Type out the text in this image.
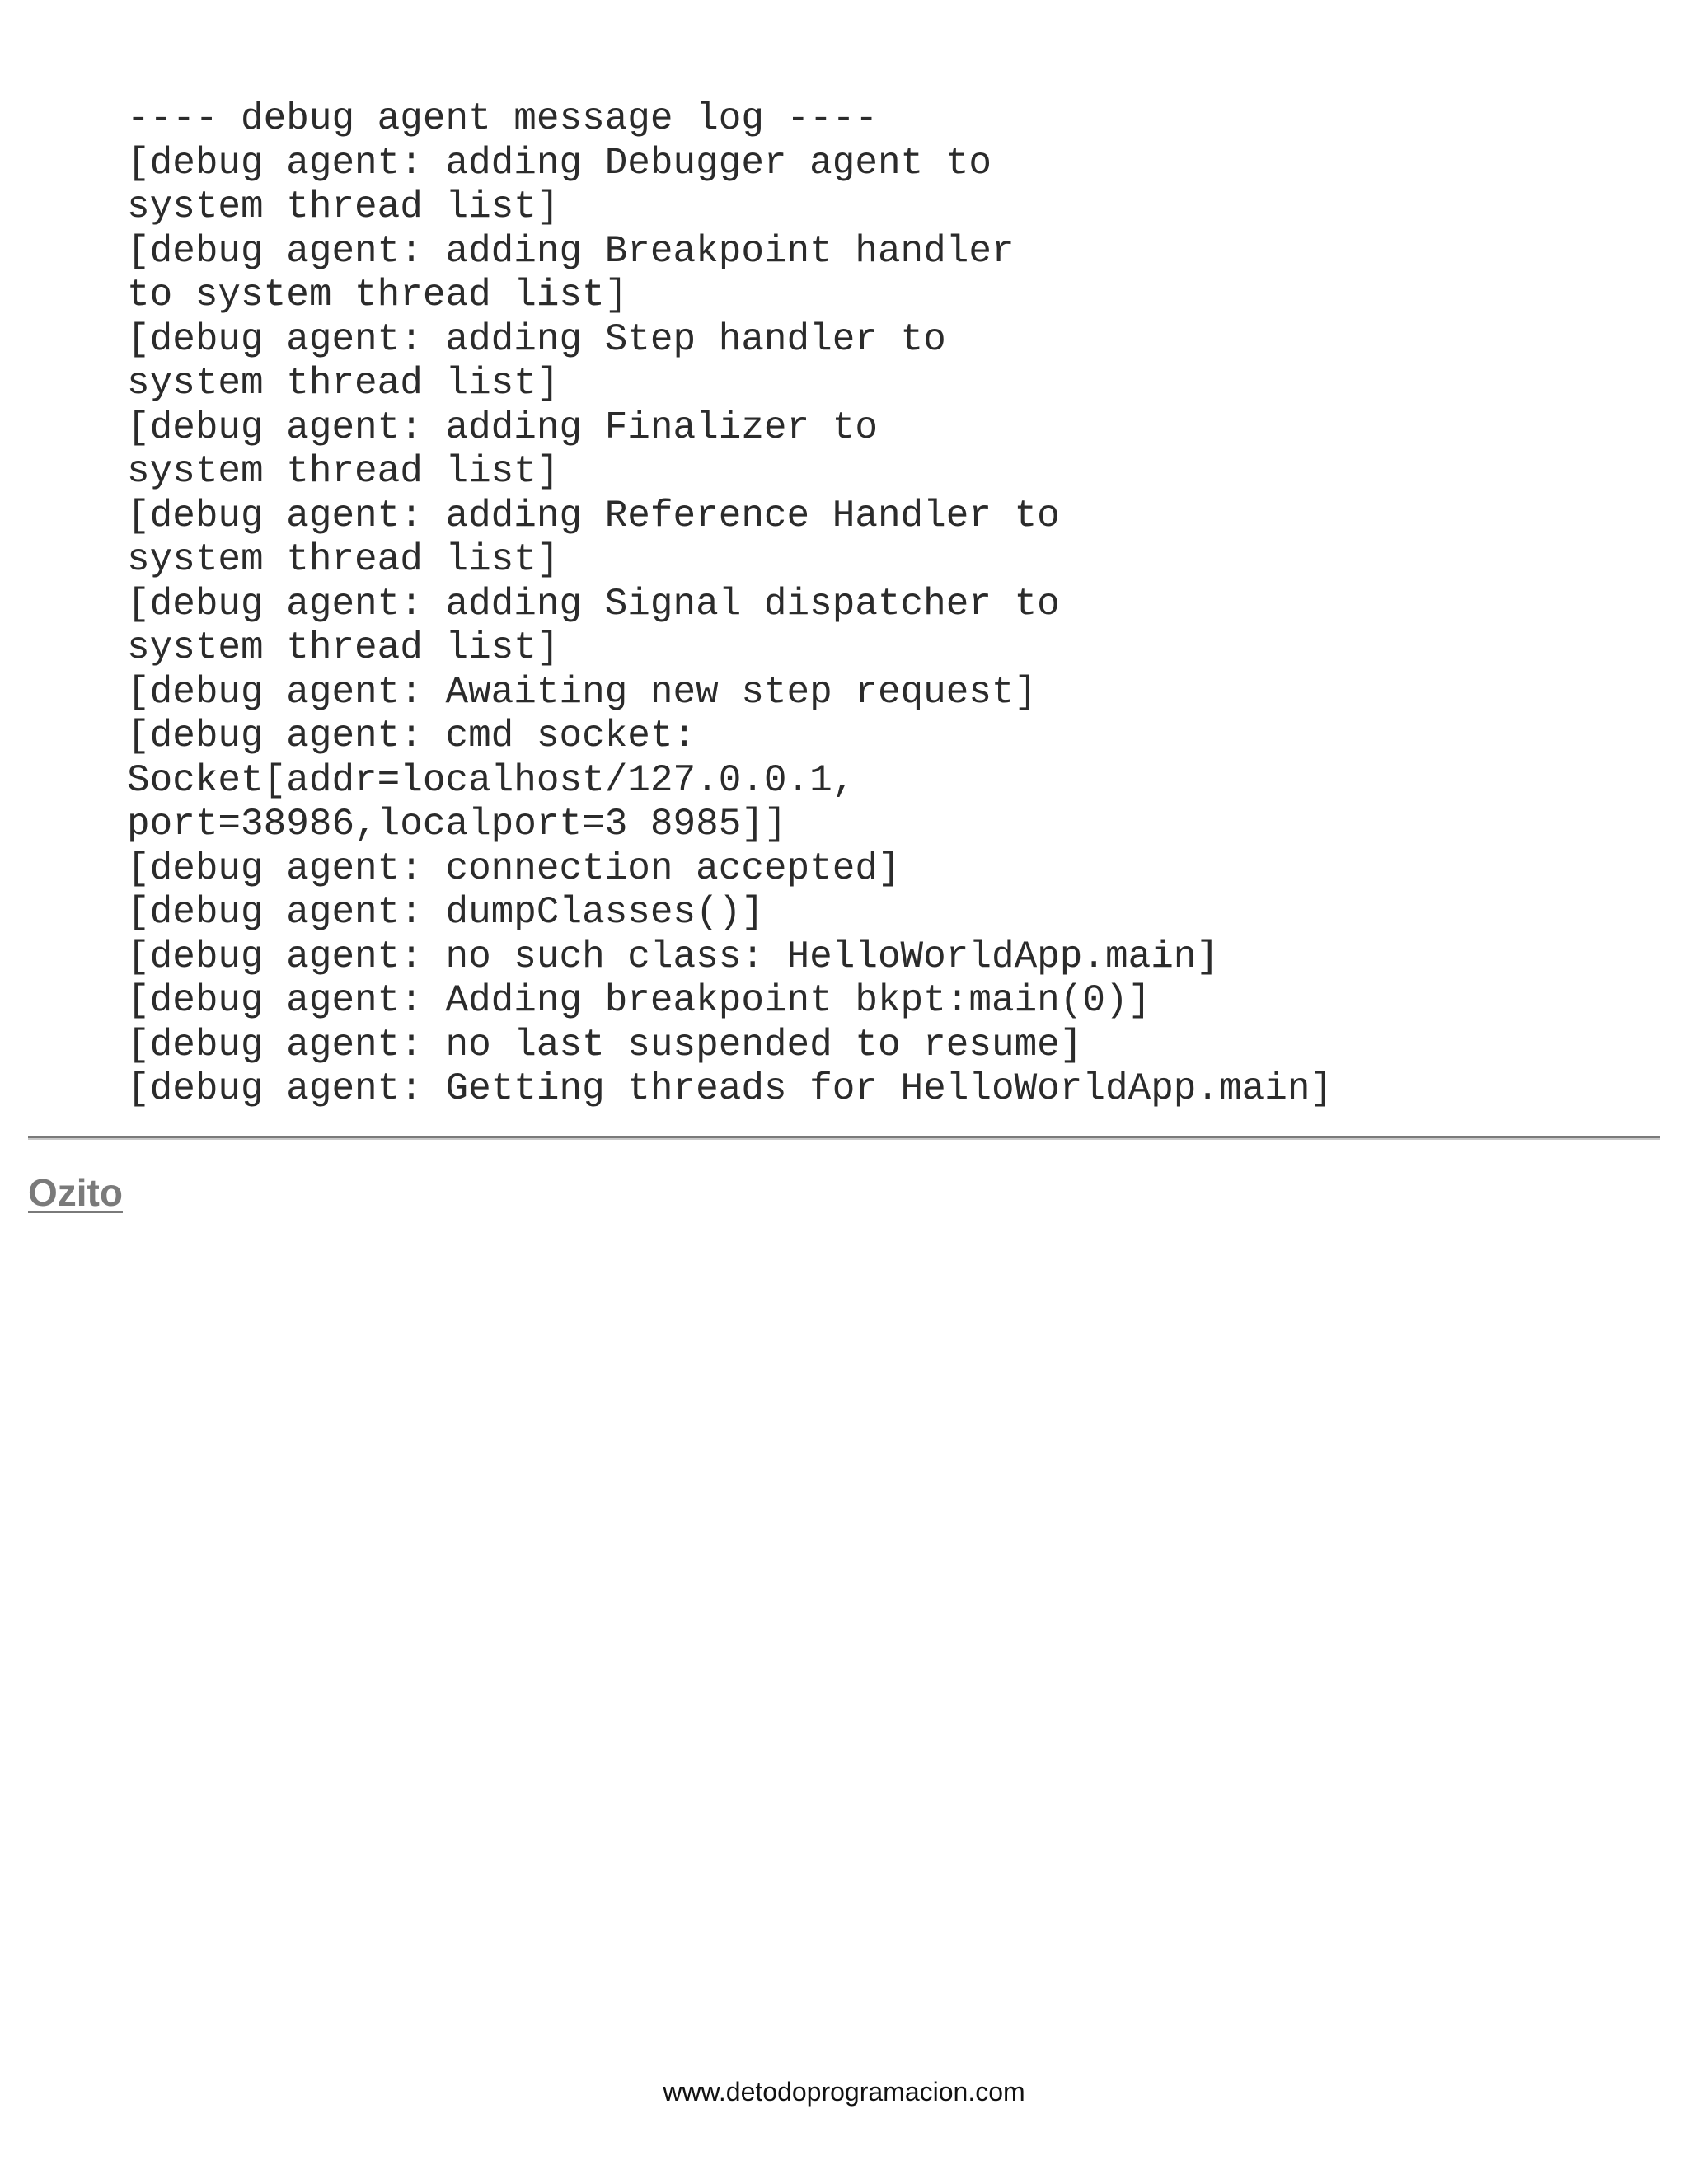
---- debug agent message log ----
[debug agent: adding Debugger agent to
system thread list]
[debug agent: adding Breakpoint handler
to system thread list]
[debug agent: adding Step handler to
system thread list]
[debug agent: adding Finalizer to
system thread list]
[debug agent: adding Reference Handler to
system thread list]
[debug agent: adding Signal dispatcher to
system thread list]
[debug agent: Awaiting new step request]
[debug agent: cmd socket:
Socket[addr=localhost/127.0.0.1,
port=38986,localport=3 8985]]
[debug agent: connection accepted]
[debug agent: dumpClasses()]
[debug agent: no such class: HelloWorldApp.main]
[debug agent: Adding breakpoint bkpt:main(0)]
[debug agent: no last suspended to resume]
[debug agent: Getting threads for HelloWorldApp.main]
Ozito
www.detodoprogramacion.com
